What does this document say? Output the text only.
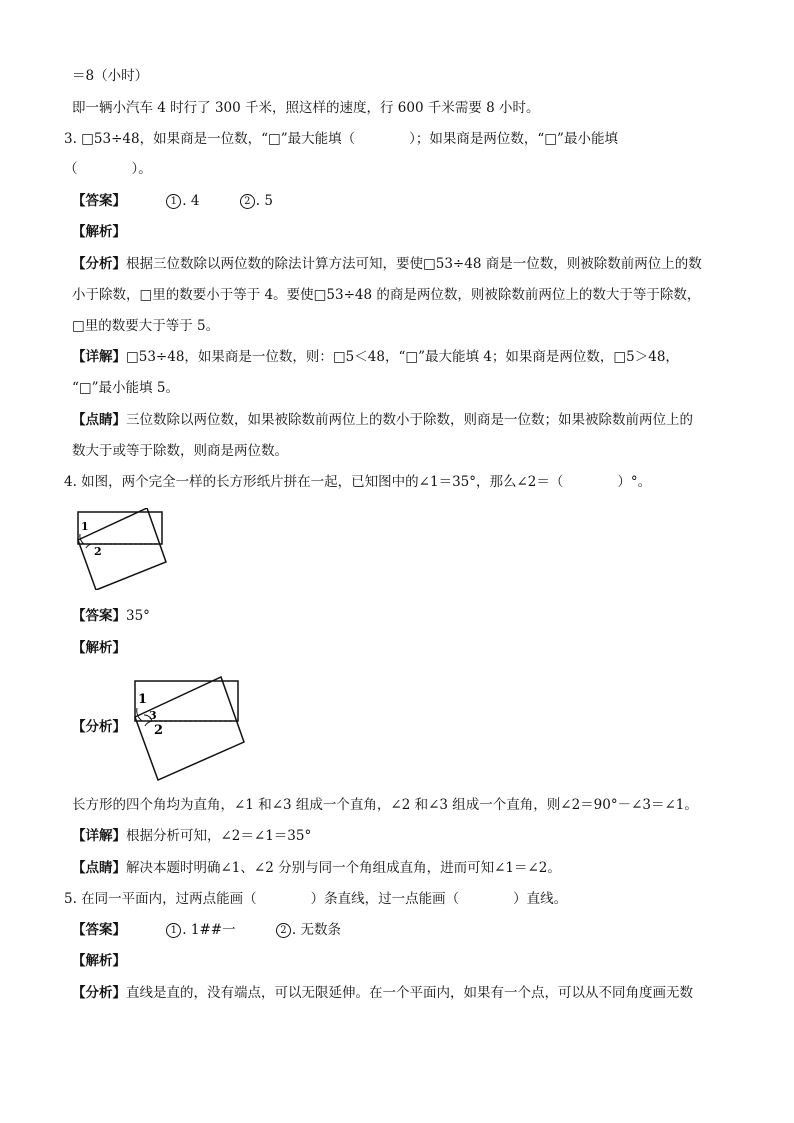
＝8（小时）
即一辆小汽车 4 时行了 300 千米，照这样的速度，行 600 千米需要 8 小时。
3. □53÷48，如果商是一位数，“□”最大能填（　　　　）；如果商是两位数，“□”最小能填
（　　　　）。
【答案】	1 . 4	2 . 5
【解析】
【分析】根据三位数除以两位数的除法计算方法可知，要使□53÷48 商是一位数，则被除数前两位上的数
小于除数，□里的数要小于等于 4。要使□53÷48 的商是两位数，则被除数前两位上的数大于等于除数，
□里的数要大于等于 5。
【详解】□53÷48，如果商是一位数，则：□5＜48，“□”最大能填 4；如果商是两位数，□5＞48，
“□”最小能填 5。
【点睛】三位数除以两位数，如果被除数前两位上的数小于除数，则商是一位数；如果被除数前两位上的
数大于或等于除数，则商是两位数。
4. 如图，两个完全一样的长方形纸片拼在一起，已知图中的∠1＝35°，那么∠2＝（　　　　）°。
1
2
【答案】35°
【解析】
【分析】
1
3
2
长方形的四个角均为直角，∠1 和∠3 组成一个直角，∠2 和∠3 组成一个直角，则∠2＝90°－∠3＝∠1。
【详解】根据分析可知，∠2＝∠1＝35°
【点睛】解决本题时明确∠1、∠2 分别与同一个角组成直角，进而可知∠1＝∠2。
5. 在同一平面内，过两点能画（　　　　）条直线，过一点能画（　　　　）直线。
【答案】	1 . 1##一	2 . 无数条
【解析】
【分析】直线是直的，没有端点，可以无限延伸。在一个平面内，如果有一个点，可以从不同角度画无数
